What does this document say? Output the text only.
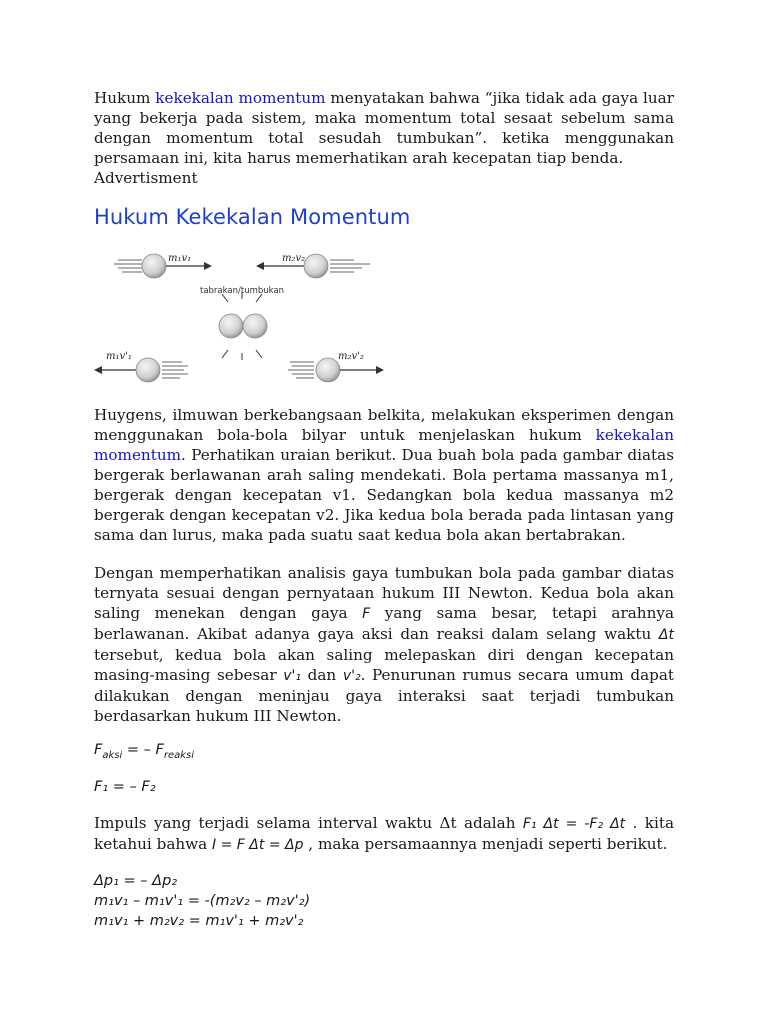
Hukum kekekalan momentum menyatakan bahwa “jika tidak ada gaya luar yang bekerja pada sistem, maka momentum total sesaat sebelum sama dengan momentum total sesudah tumbukan”. ketika menggunakan persamaan ini, kita harus memerhatikan arah kecepatan tiap benda.
Advertisment

Hukum Kekekalan Momentum
m₁v₁	m₂v₂
tabrakan/tumbukan
m₁v'₁	m₂v'₂

Huygens, ilmuwan berkebangsaan belkita, melakukan eksperimen dengan menggunakan bola-bola bilyar untuk menjelaskan hukum kekekalan momentum. Perhatikan uraian berikut. Dua buah bola pada gambar diatas bergerak berlawanan arah saling mendekati. Bola pertama massanya m1, bergerak dengan kecepatan v1. Sedangkan bola kedua massanya m2 bergerak dengan kecepatan v2. Jika kedua bola berada pada lintasan yang sama dan lurus, maka pada suatu saat kedua bola akan bertabrakan.

Dengan memperhatikan analisis gaya tumbukan bola pada gambar diatas ternyata sesuai dengan pernyataan hukum III Newton. Kedua bola akan saling menekan dengan gaya F yang sama besar, tetapi arahnya berlawanan. Akibat adanya gaya aksi dan reaksi dalam selang waktu Δt tersebut, kedua bola akan saling melepaskan diri dengan kecepatan masing-masing sebesar v'₁ dan v'₂. Penurunan rumus secara umum dapat dilakukan dengan meninjau gaya interaksi saat terjadi tumbukan berdasarkan hukum III Newton.

$F_{aksi}$ = – $F_{reaksi}$

F₁ = – F₂

Impuls yang terjadi selama interval waktu Δt adalah F₁ Δt = -F₂ Δt . kita ketahui bahwa I = F Δt = Δp , maka persamaannya menjadi seperti berikut.

Δp₁ = – Δp₂

m₁v₁ – m₁v'₁ = -(m₂v₂ – m₂v'₂)

m₁v₁ + m₂v₂ = m₁v'₁ + m₂v'₂
